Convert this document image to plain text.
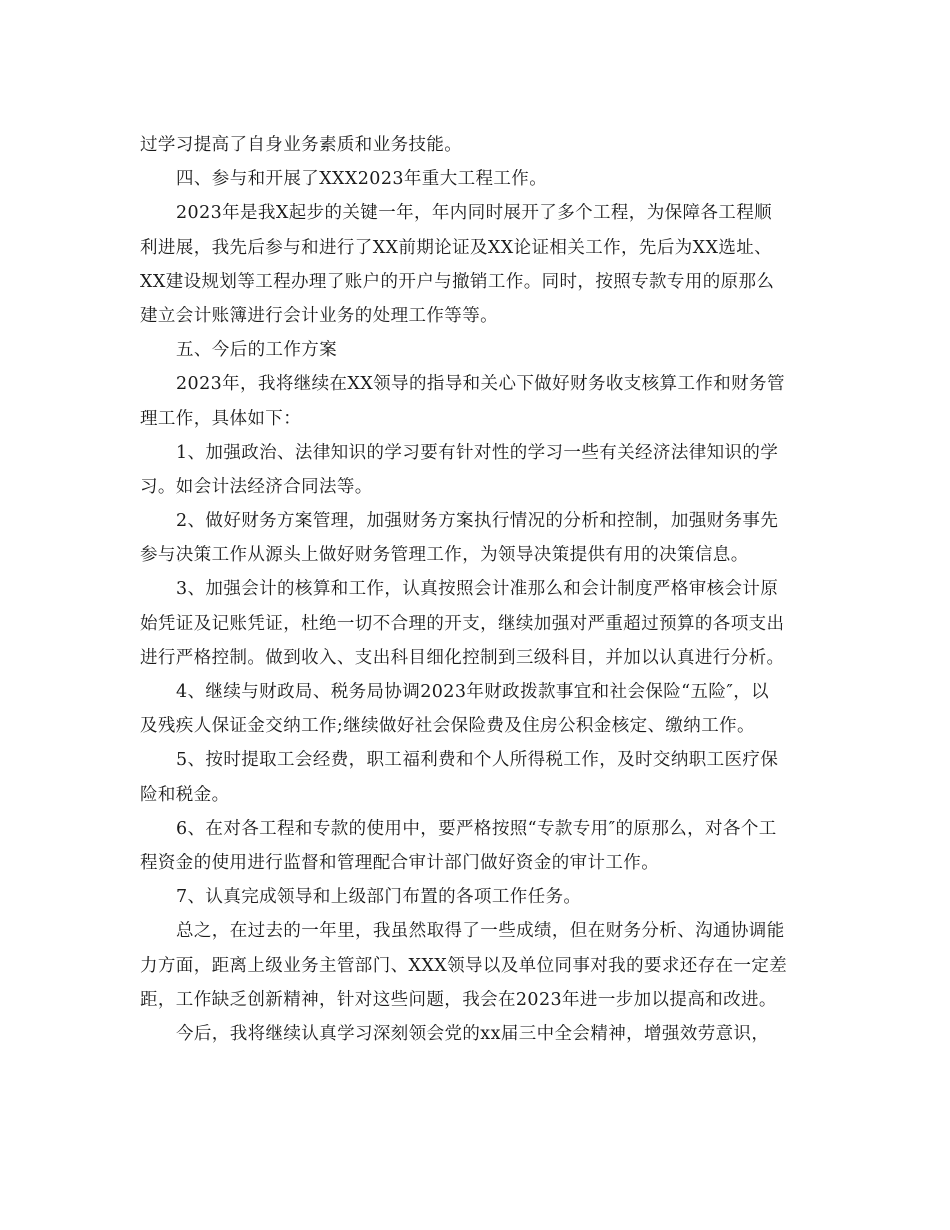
过学习提高了自身业务素质和业务技能。
四、参与和开展了XXX2023年重大工程工作。
2023年是我X起步的关键一年，年内同时展开了多个工程，为保障各工程顺
利进展，我先后参与和进行了XX前期论证及XX论证相关工作，先后为XX选址、
XX建设规划等工程办理了账户的开户与撤销工作。同时，按照专款专用的原那么
建立会计账簿进行会计业务的处理工作等等。
五、今后的工作方案
2023年，我将继续在XX领导的指导和关心下做好财务收支核算工作和财务管
理工作，具体如下：
1、加强政治、法律知识的学习要有针对性的学习一些有关经济法律知识的学
习。如会计法经济合同法等。
2、做好财务方案管理，加强财务方案执行情况的分析和控制，加强财务事先
参与决策工作从源头上做好财务管理工作，为领导决策提供有用的决策信息。
3、加强会计的核算和工作，认真按照会计准那么和会计制度严格审核会计原
始凭证及记账凭证，杜绝一切不合理的开支，继续加强对严重超过预算的各项支出
进行严格控制。做到收入、支出科目细化控制到三级科目，并加以认真进行分析。
4、继续与财政局、税务局协调2023年财政拨款事宜和社会保险“五险″，以
及残疾人保证金交纳工作;继续做好社会保险费及住房公积金核定、缴纳工作。
5、按时提取工会经费，职工福利费和个人所得税工作，及时交纳职工医疗保
险和税金。
6、在对各工程和专款的使用中，要严格按照“专款专用″的原那么，对各个工
程资金的使用进行监督和管理配合审计部门做好资金的审计工作。
7、认真完成领导和上级部门布置的各项工作任务。
总之，在过去的一年里，我虽然取得了一些成绩，但在财务分析、沟通协调能
力方面，距离上级业务主管部门、XXX领导以及单位同事对我的要求还存在一定差
距，工作缺乏创新精神，针对这些问题，我会在2023年进一步加以提高和改进。
今后，我将继续认真学习深刻领会党的xx届三中全会精神，增强效劳意识，
